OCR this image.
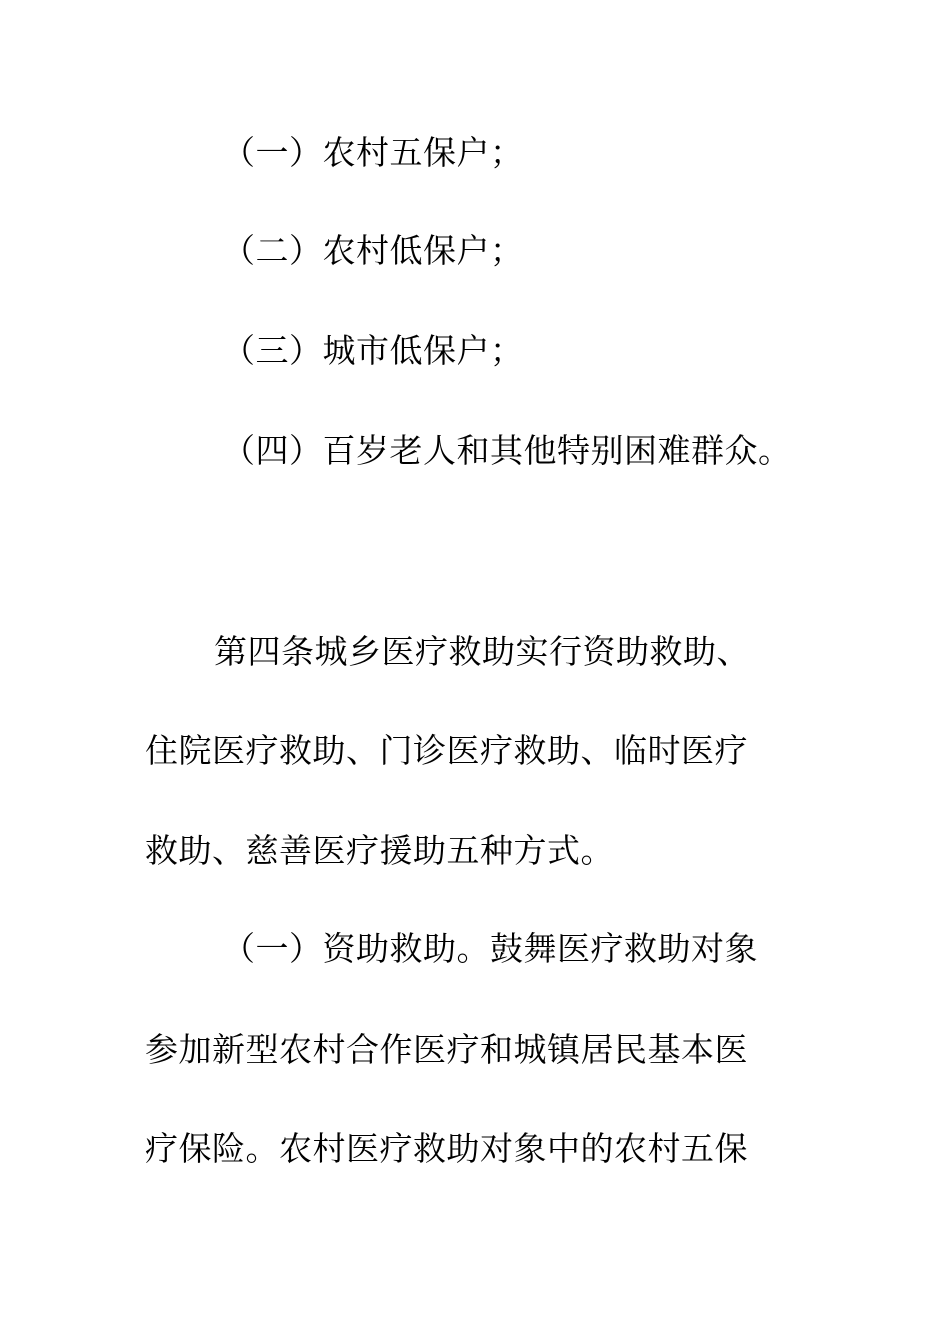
（一）农村五保户；
（二）农村低保户；
（三）城市低保户；
（四）百岁老人和其他特别困难群众。
第四条城乡医疗救助实行资助救助、
住院医疗救助、门诊医疗救助、临时医疗
救助、慈善医疗援助五种方式。
（一）资助救助。鼓舞医疗救助对象
参加新型农村合作医疗和城镇居民基本医
疗保险。农村医疗救助对象中的农村五保
